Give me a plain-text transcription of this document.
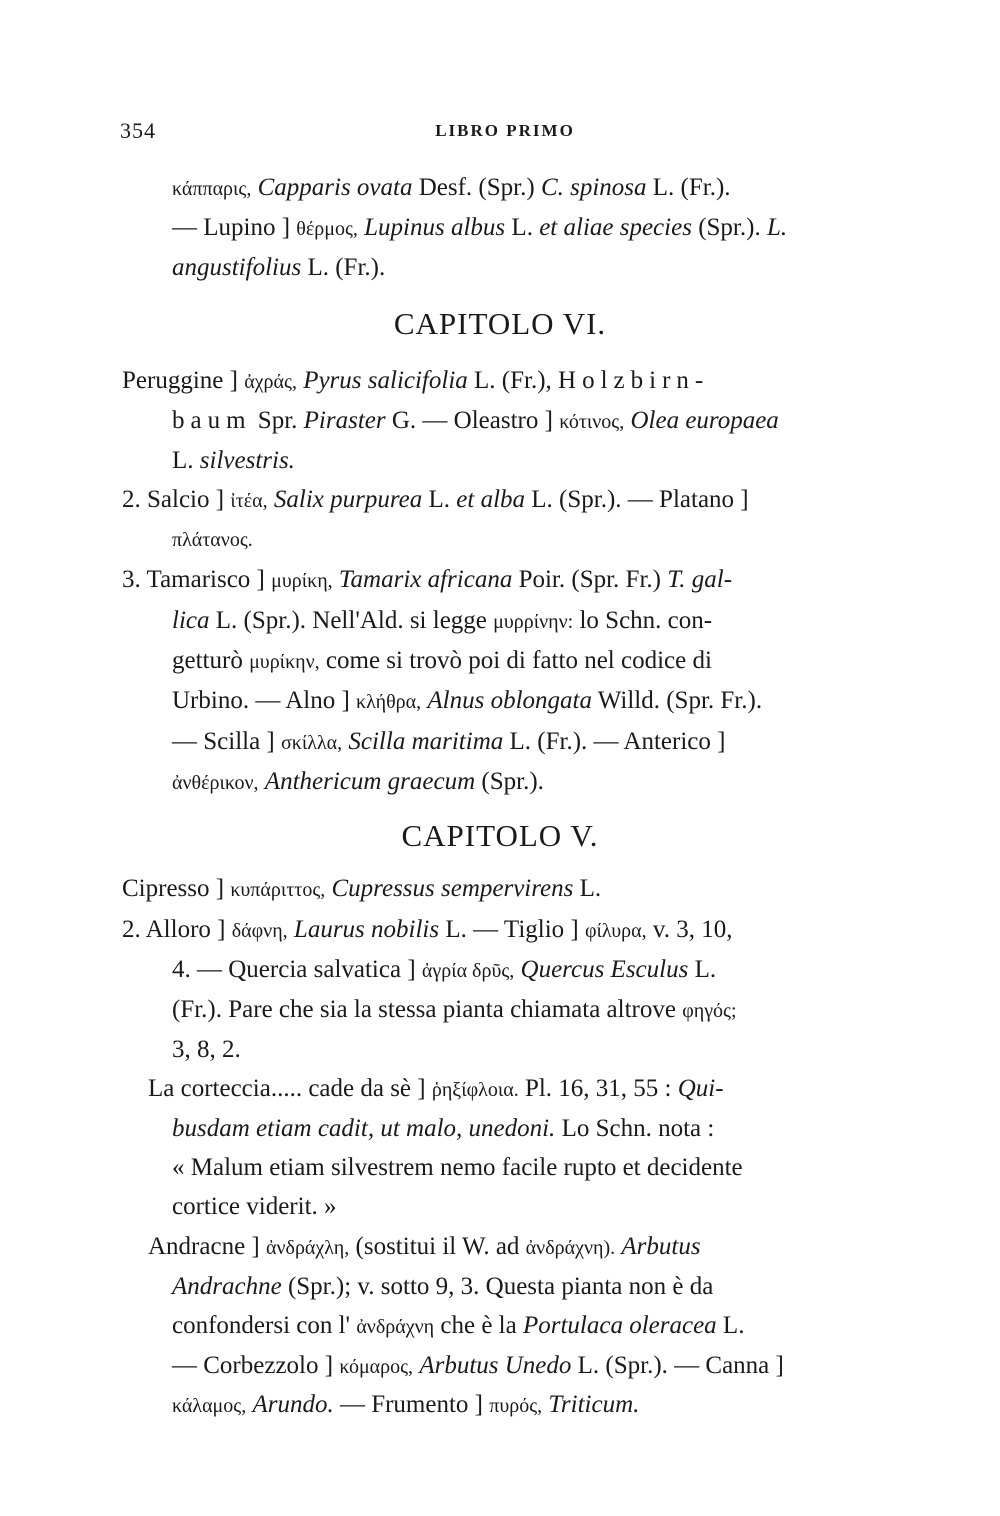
354	LIBRO PRIMO
κάππαρις, Capparis ovata Desf. (Spr.) C. spinosa L. (Fr.).
— Lupino ] θέρμος, Lupinus albus L. et aliae species (Spr.). L.
angustifolius L. (Fr.).
CAPITOLO VI.
Peruggine ] ἀχράς, Pyrus salicifolia L. (Fr.), Holzbirn-
baum Spr. Piraster G. — Oleastro ] κότινος, Olea europaea
L. silvestris.
2. Salcio ] ἰτέα, Salix purpurea L. et alba L. (Spr.). — Platano ]
πλάτανος.
3. Tamarisco ] μυρίκη, Tamarix africana Poir. (Spr. Fr.) T. gal-
lica L. (Spr.). Nell'Ald. si legge μυρρίνην: lo Schn. con-
getturò μυρίκην, come si trovò poi di fatto nel codice di
Urbino. — Alno ] κλήθρα, Alnus oblongata Willd. (Spr. Fr.).
— Scilla ] σκίλλα, Scilla maritima L. (Fr.). — Anterico ]
ἀνθέρικον, Anthericum graecum (Spr.).
CAPITOLO V.
Cipresso ] κυπάριττος, Cupressus sempervirens L.
2. Alloro ] δάφνη, Laurus nobilis L. — Tiglio ] φίλυρα, v. 3, 10,
4. — Quercia salvatica ] ἀγρία δρῦς, Quercus Esculus L.
(Fr.). Pare che sia la stessa pianta chiamata altrove φηγός;
3, 8, 2.
La corteccia..... cade da sè ] ῥηξίφλοια. Pl. 16, 31, 55 : Qui-
busdam etiam cadit, ut malo, unedoni. Lo Schn. nota :
« Malum etiam silvestrem nemo facile rupto et decidente
cortice viderit. »
Andracne ] ἀνδράχλη, (sostitui il W. ad ἀνδράχνη). Arbutus
Andrachne (Spr.); v. sotto 9, 3. Questa pianta non è da
confondersi con l' ἀνδράχνη che è la Portulaca oleracea L.
— Corbezzolo ] κόμαρος, Arbutus Unedo L. (Spr.). — Canna ]
κάλαμος, Arundo. — Frumento ] πυρός, Triticum.
